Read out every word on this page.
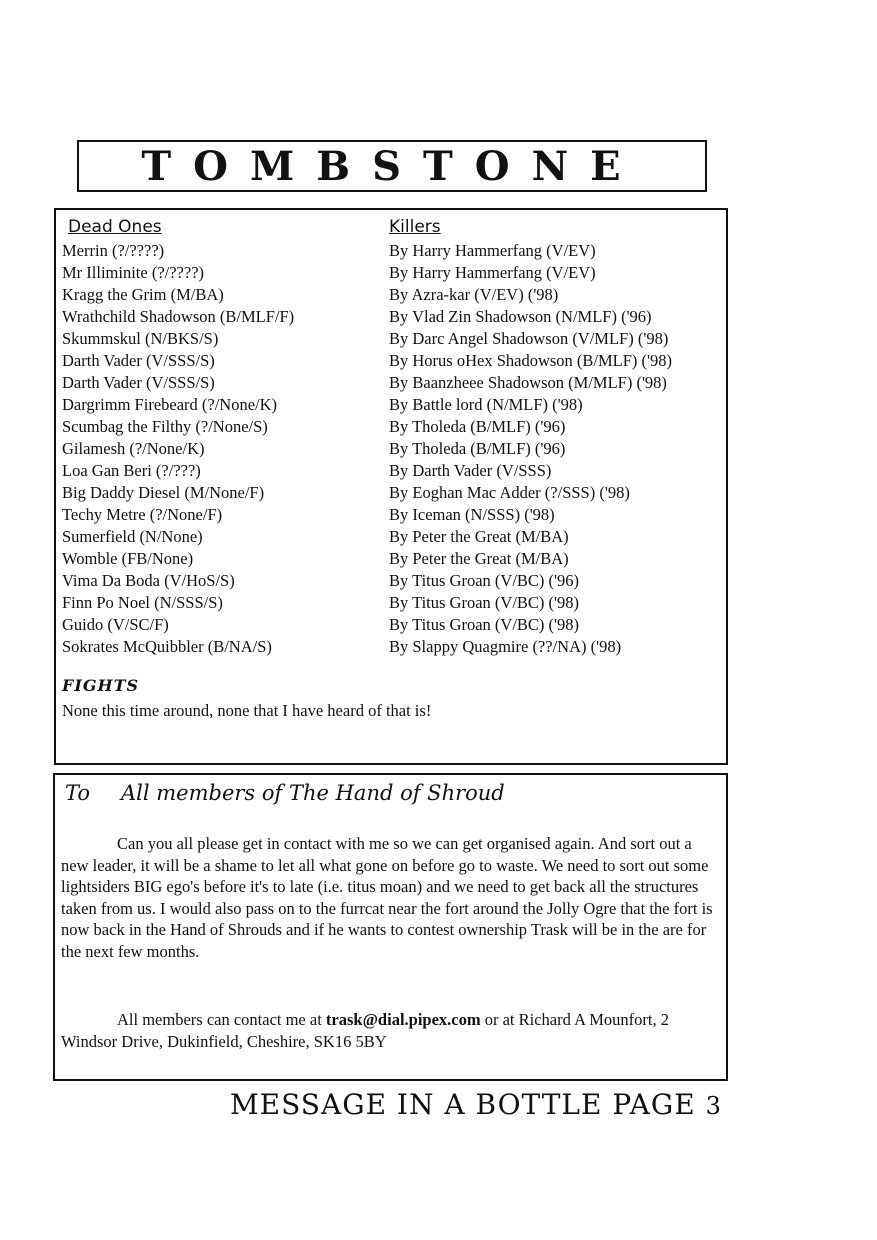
TOMBSTONE
Dead Ones
Merrin (?/????)
Mr Illiminite (?/????)
Kragg the Grim (M/BA)
Wrathchild Shadowson (B/MLF/F)
Skummskul (N/BKS/S)
Darth Vader (V/SSS/S)
Darth Vader (V/SSS/S)
Dargrimm Firebeard (?/None/K)
Scumbag the Filthy (?/None/S)
Gilamesh (?/None/K)
Loa Gan Beri (?/???)
Big Daddy Diesel (M/None/F)
Techy Metre (?/None/F)
Sumerfield (N/None)
Womble (FB/None)
Vima Da Boda (V/HoS/S)
Finn Po Noel (N/SSS/S)
Guido (V/SC/F)
Sokrates McQuibbler (B/NA/S)
Killers
By Harry Hammerfang (V/EV)
By Harry Hammerfang (V/EV)
By Azra-kar (V/EV) ('98)
By Vlad Zin Shadowson (N/MLF) ('96)
By Darc Angel Shadowson (V/MLF) ('98)
By Horus oHex Shadowson (B/MLF) ('98)
By Baanzheee Shadowson (M/MLF) ('98)
By Battle lord (N/MLF) ('98)
By Tholeda (B/MLF) ('96)
By Tholeda (B/MLF) ('96)
By Darth Vader (V/SSS)
By Eoghan Mac Adder (?/SSS) ('98)
By Iceman (N/SSS) ('98)
By Peter the Great (M/BA)
By Peter the Great (M/BA)
By Titus Groan (V/BC) ('96)
By Titus Groan (V/BC) ('98)
By Titus Groan (V/BC) ('98)
By Slappy Quagmire (??/NA) ('98)
FIGHTS
None this time around, none that I have heard of that is!
To All members of The Hand of Shroud

Can you all please get in contact with me so we can get organised again. And sort out a new leader, it will be a shame to let all what gone on before go to waste. We need to sort out some lightsiders BIG ego's before it's to late (i.e. titus moan) and we need to get back all the structures taken from us. I would also pass on to the furrcat near the fort around the Jolly Ogre that the fort is now back in the Hand of Shrouds and if he wants to contest ownership Trask will be in the are for the next few months.

All members can contact me at trask@dial.pipex.com or at Richard A Mounfort, 2 Windsor Drive, Dukinfield, Cheshire, SK16 5BY

MESSAGE IN A BOTTLE PAGE 3
